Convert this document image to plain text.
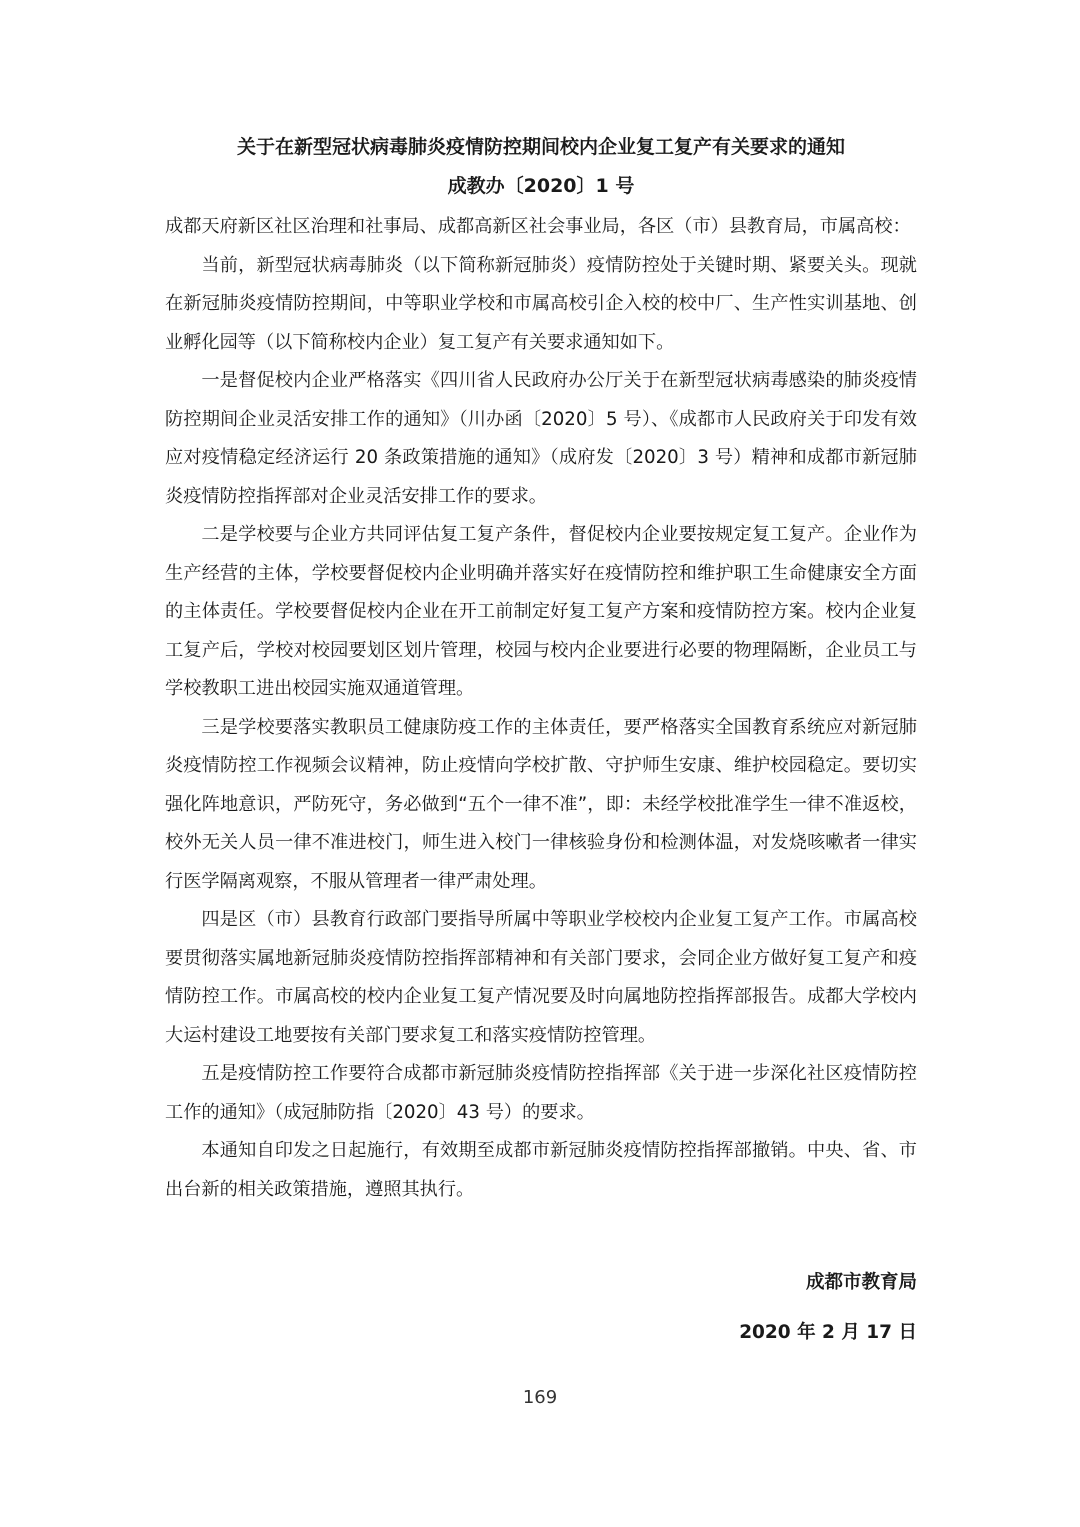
关于在新型冠状病毒肺炎疫情防控期间校内企业复工复产有关要求的通知
成教办〔2020〕1 号

成都天府新区社区治理和社事局、成都高新区社会事业局，各区（市）县教育局，市属高校：

当前，新型冠状病毒肺炎（以下简称新冠肺炎）疫情防控处于关键时期、紧要关头。现就在新冠肺炎疫情防控期间，中等职业学校和市属高校引企入校的校中厂、生产性实训基地、创业孵化园等（以下简称校内企业）复工复产有关要求通知如下。

一是督促校内企业严格落实《四川省人民政府办公厅关于在新型冠状病毒感染的肺炎疫情防控期间企业灵活安排工作的通知》（川办函〔2020〕5 号）、《成都市人民政府关于印发有效应对疫情稳定经济运行 20 条政策措施的通知》（成府发〔2020〕3 号）精神和成都市新冠肺炎疫情防控指挥部对企业灵活安排工作的要求。

二是学校要与企业方共同评估复工复产条件，督促校内企业要按规定复工复产。企业作为生产经营的主体，学校要督促校内企业明确并落实好在疫情防控和维护职工生命健康安全方面的主体责任。学校要督促校内企业在开工前制定好复工复产方案和疫情防控方案。校内企业复工复产后，学校对校园要划区划片管理，校园与校内企业要进行必要的物理隔断，企业员工与学校教职工进出校园实施双通道管理。

三是学校要落实教职员工健康防疫工作的主体责任，要严格落实全国教育系统应对新冠肺炎疫情防控工作视频会议精神，防止疫情向学校扩散、守护师生安康、维护校园稳定。要切实强化阵地意识，严防死守，务必做到“五个一律不准”，即：未经学校批准学生一律不准返校，校外无关人员一律不准进校门，师生进入校门一律核验身份和检测体温，对发烧咳嗽者一律实行医学隔离观察，不服从管理者一律严肃处理。

四是区（市）县教育行政部门要指导所属中等职业学校校内企业复工复产工作。市属高校要贯彻落实属地新冠肺炎疫情防控指挥部精神和有关部门要求，会同企业方做好复工复产和疫情防控工作。市属高校的校内企业复工复产情况要及时向属地防控指挥部报告。成都大学校内大运村建设工地要按有关部门要求复工和落实疫情防控管理。

五是疫情防控工作要符合成都市新冠肺炎疫情防控指挥部《关于进一步深化社区疫情防控工作的通知》（成冠肺防指〔2020〕43 号）的要求。

本通知自印发之日起施行，有效期至成都市新冠肺炎疫情防控指挥部撤销。中央、省、市出台新的相关政策措施，遵照其执行。

成都市教育局

2020 年 2 月 17 日

169
